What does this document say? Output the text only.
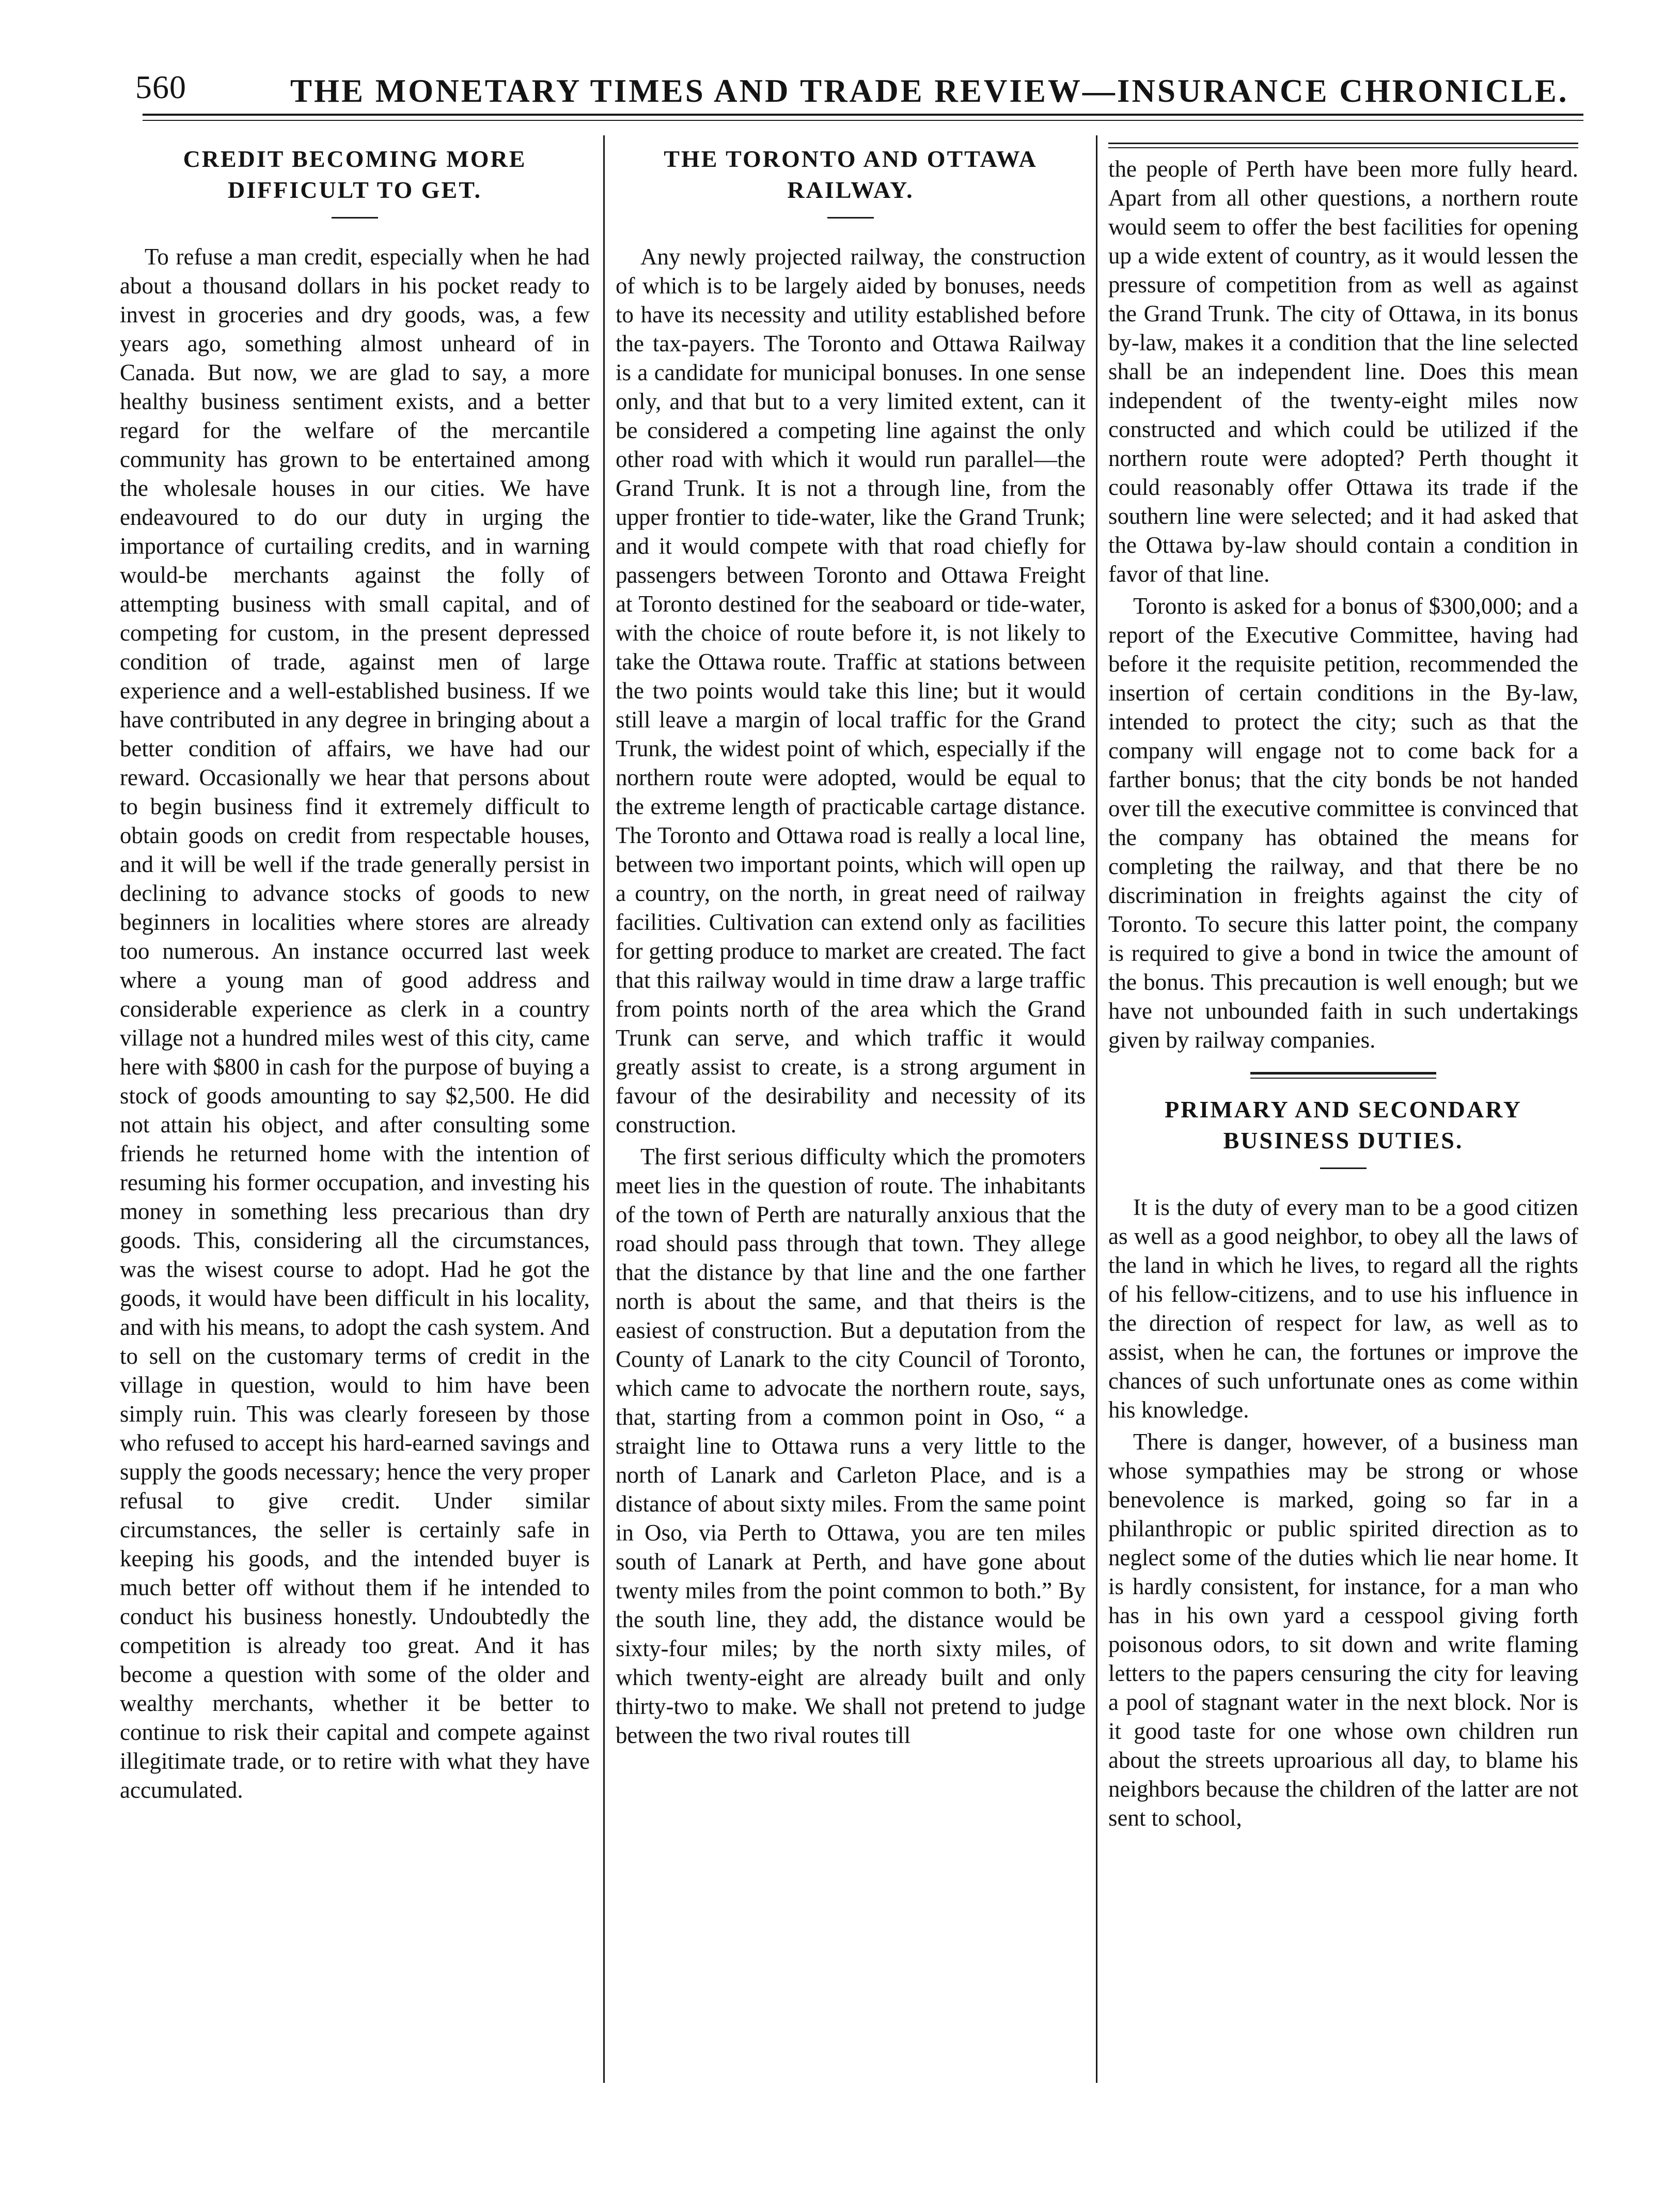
560	THE MONETARY TIMES AND TRADE REVIEW—INSURANCE CHRONICLE.
CREDIT BECOMING MORE DIFFICULT TO GET.

To refuse a man credit, especially when he had about a thousand dollars in his pocket ready to invest in groceries and dry goods, was, a few years ago, something almost unheard of in Canada. But now, we are glad to say, a more healthy business sentiment exists, and a better regard for the welfare of the mercantile community has grown to be entertained among the wholesale houses in our cities. We have endeavoured to do our duty in urging the importance of curtailing credits, and in warning would-be merchants against the folly of attempting business with small capital, and of competing for custom, in the present depressed condition of trade, against men of large experience and a well-established business. If we have contributed in any degree in bringing about a better condition of affairs, we have had our reward. Occasionally we hear that persons about to begin business find it extremely difficult to obtain goods on credit from respectable houses, and it will be well if the trade generally persist in declining to advance stocks of goods to new beginners in localities where stores are already too numerous. An instance occurred last week where a young man of good address and considerable experience as clerk in a country village not a hundred miles west of this city, came here with $800 in cash for the purpose of buying a stock of goods amounting to say $2,500. He did not attain his object, and after consulting some friends he returned home with the intention of resuming his former occupation, and investing his money in something less precarious than dry goods. This, considering all the circumstances, was the wisest course to adopt. Had he got the goods, it would have been difficult in his locality, and with his means, to adopt the cash system. And to sell on the customary terms of credit in the village in question, would to him have been simply ruin. This was clearly foreseen by those who refused to accept his hard-earned savings and supply the goods necessary; hence the very proper refusal to give credit. Under similar circumstances, the seller is certainly safe in keeping his goods, and the intended buyer is much better off without them if he intended to conduct his business honestly. Undoubtedly the competition is already too great. And it has become a question with some of the older and wealthy merchants, whether it be better to continue to risk their capital and compete against illegitimate trade, or to retire with what they have accumulated.

THE TORONTO AND OTTAWA RAILWAY.

Any newly projected railway, the construction of which is to be largely aided by bonuses, needs to have its necessity and utility established before the tax-payers. The Toronto and Ottawa Railway is a candidate for municipal bonuses. In one sense only, and that but to a very limited extent, can it be considered a competing line against the only other road with which it would run parallel—the Grand Trunk. It is not a through line, from the upper frontier to tide-water, like the Grand Trunk; and it would compete with that road chiefly for passengers between Toronto and Ottawa Freight at Toronto destined for the seaboard or tide-water, with the choice of route before it, is not likely to take the Ottawa route. Traffic at stations between the two points would take this line; but it would still leave a margin of local traffic for the Grand Trunk, the widest point of which, especially if the northern route were adopted, would be equal to the extreme length of practicable cartage distance. The Toronto and Ottawa road is really a local line, between two important points, which will open up a country, on the north, in great need of railway facilities. Cultivation can extend only as facilities for getting produce to market are created. The fact that this railway would in time draw a large traffic from points north of the area which the Grand Trunk can serve, and which traffic it would greatly assist to create, is a strong argument in favour of the desirability and necessity of its construction.

The first serious difficulty which the promoters meet lies in the question of route. The inhabitants of the town of Perth are naturally anxious that the road should pass through that town. They allege that the distance by that line and the one farther north is about the same, and that theirs is the easiest of construction. But a deputation from the County of Lanark to the city Council of Toronto, which came to advocate the northern route, says, that, starting from a common point in Oso, “ a straight line to Ottawa runs a very little to the north of Lanark and Carleton Place, and is a distance of about sixty miles. From the same point in Oso, via Perth to Ottawa, you are ten miles south of Lanark at Perth, and have gone about twenty miles from the point common to both.” By the south line, they add, the distance would be sixty-four miles; by the north sixty miles, of which twenty-eight are already built and only thirty-two to make. We shall not pretend to judge between the two rival routes till

the people of Perth have been more fully heard. Apart from all other questions, a northern route would seem to offer the best facilities for opening up a wide extent of country, as it would lessen the pressure of competition from as well as against the Grand Trunk. The city of Ottawa, in its bonus by-law, makes it a condition that the line selected shall be an independent line. Does this mean independent of the twenty-eight miles now constructed and which could be utilized if the northern route were adopted? Perth thought it could reasonably offer Ottawa its trade if the southern line were selected; and it had asked that the Ottawa by-law should contain a condition in favor of that line.

Toronto is asked for a bonus of $300,000; and a report of the Executive Committee, having had before it the requisite petition, recommended the insertion of certain conditions in the By-law, intended to protect the city; such as that the company will engage not to come back for a farther bonus; that the city bonds be not handed over till the executive committee is convinced that the company has obtained the means for completing the railway, and that there be no discrimination in freights against the city of Toronto. To secure this latter point, the company is required to give a bond in twice the amount of the bonus. This precaution is well enough; but we have not unbounded faith in such undertakings given by railway companies.

PRIMARY AND SECONDARY BUSINESS DUTIES.

It is the duty of every man to be a good citizen as well as a good neighbor, to obey all the laws of the land in which he lives, to regard all the rights of his fellow-citizens, and to use his influence in the direction of respect for law, as well as to assist, when he can, the fortunes or improve the chances of such unfortunate ones as come within his knowledge.

There is danger, however, of a business man whose sympathies may be strong or whose benevolence is marked, going so far in a philanthropic or public spirited direction as to neglect some of the duties which lie near home. It is hardly consistent, for instance, for a man who has in his own yard a cesspool giving forth poisonous odors, to sit down and write flaming letters to the papers censuring the city for leaving a pool of stagnant water in the next block. Nor is it good taste for one whose own children run about the streets uproarious all day, to blame his neighbors because the children of the latter are not sent to school,
